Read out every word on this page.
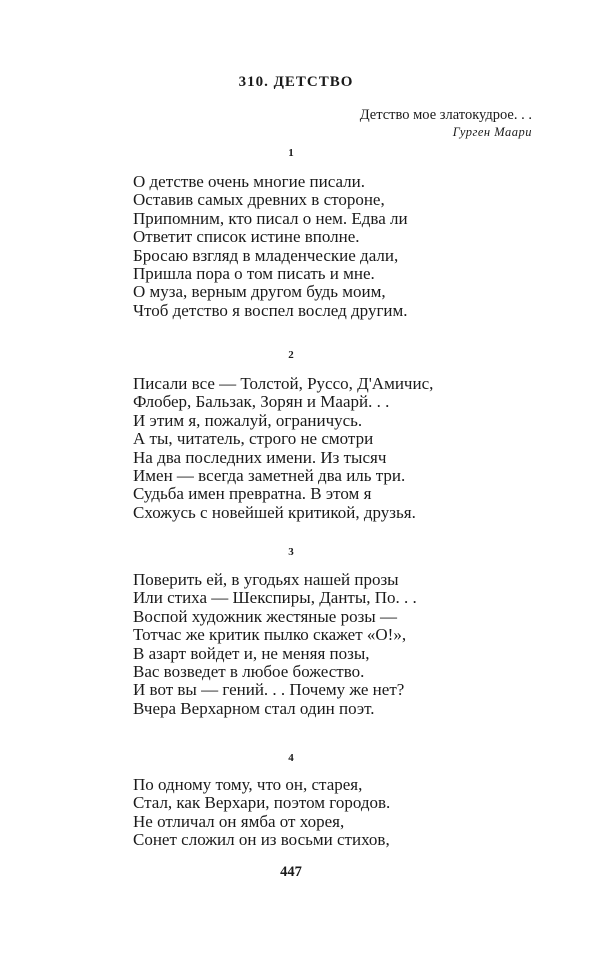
310. ДЕТСТВО
Детство мое златокудрое. . .
Гурген Маари
1
О детстве очень многие писали.
Оставив самых древних в стороне,
Припомним, кто писал о нем. Едва ли
Ответит список истине вполне.
Бросаю взгляд в младенческие дали,
Пришла пора о том писать и мне.
О муза, верным другом будь моим,
Чтоб детство я воспел вослед другим.
2
Писали все — Толстой, Руссо, Д'Амичис,
Флобер, Бальзак, Зорян и Маарй. . .
И этим я, пожалуй, ограничусь.
А ты, читатель, строго не смотри
На два последних имени. Из тысяч
Имен — всегда заметней два иль три.
Судьба имен превратна. В этом я
Схожусь с новейшей критикой, друзья.
3
Поверить ей, в угодьях нашей прозы
Или стиха — Шекспиры, Данты, По. . .
Воспой художник жестяные розы —
Тотчас же критик пылко скажет «О!»,
В азарт войдет и, не меняя позы,
Вас возведет в любое божество.
И вот вы — гений. . . Почему же нет?
Вчера Верхарном стал один поэт.
4
По одному тому, что он, старея,
Стал, как Верхари, поэтом городов.
Не отличал он ямба от хорея,
Сонет сложил он из восьми стихов,
447
